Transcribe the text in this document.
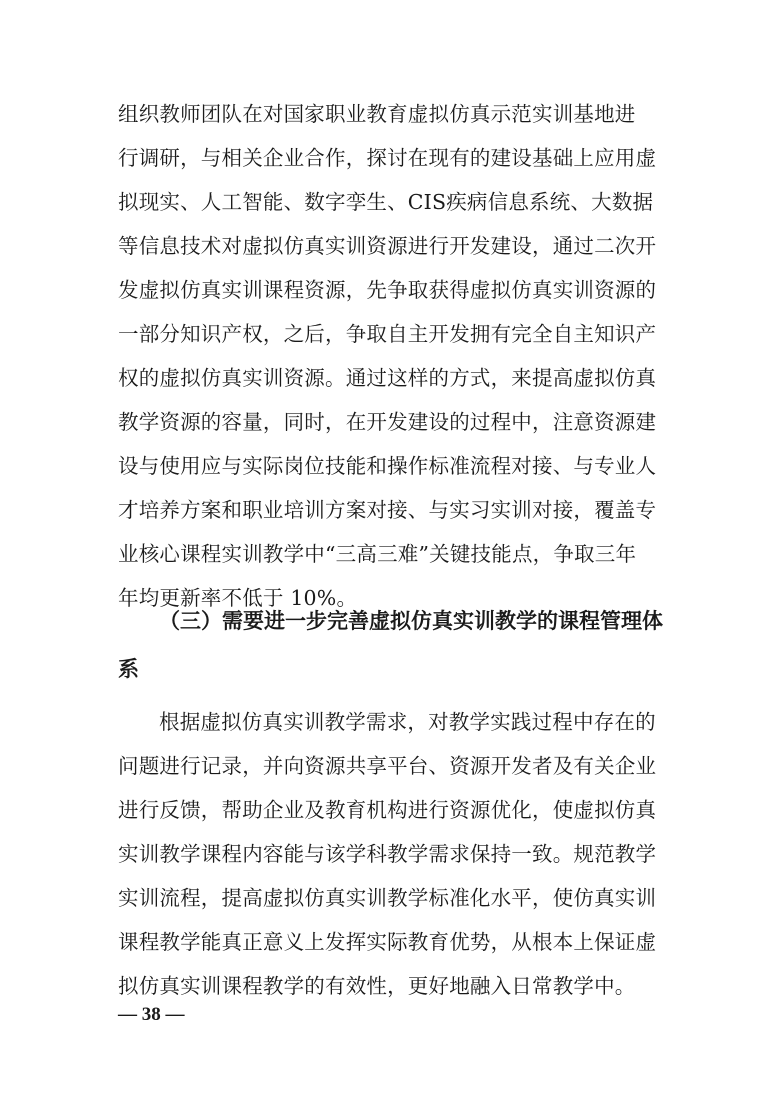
组织教师团队在对国家职业教育虚拟仿真示范实训基地进
行调研，与相关企业合作，探讨在现有的建设基础上应用虚
拟现实、人工智能、数字孪生、CIS疾病信息系统、大数据
等信息技术对虚拟仿真实训资源进行开发建设，通过二次开
发虚拟仿真实训课程资源，先争取获得虚拟仿真实训资源的
一部分知识产权，之后，争取自主开发拥有完全自主知识产
权的虚拟仿真实训资源。通过这样的方式，来提高虚拟仿真
教学资源的容量，同时，在开发建设的过程中，注意资源建
设与使用应与实际岗位技能和操作标准流程对接、与专业人
才培养方案和职业培训方案对接、与实习实训对接，覆盖专
业核心课程实训教学中“三高三难”关键技能点，争取三年
年均更新率不低于 10%。
（三）需要进一步完善虚拟仿真实训教学的课程管理体
系
根据虚拟仿真实训教学需求，对教学实践过程中存在的
问题进行记录，并向资源共享平台、资源开发者及有关企业
进行反馈，帮助企业及教育机构进行资源优化，使虚拟仿真
实训教学课程内容能与该学科教学需求保持一致。规范教学
实训流程，提高虚拟仿真实训教学标准化水平，使仿真实训
课程教学能真正意义上发挥实际教育优势，从根本上保证虚
拟仿真实训课程教学的有效性，更好地融入日常教学中。
— 38 —
